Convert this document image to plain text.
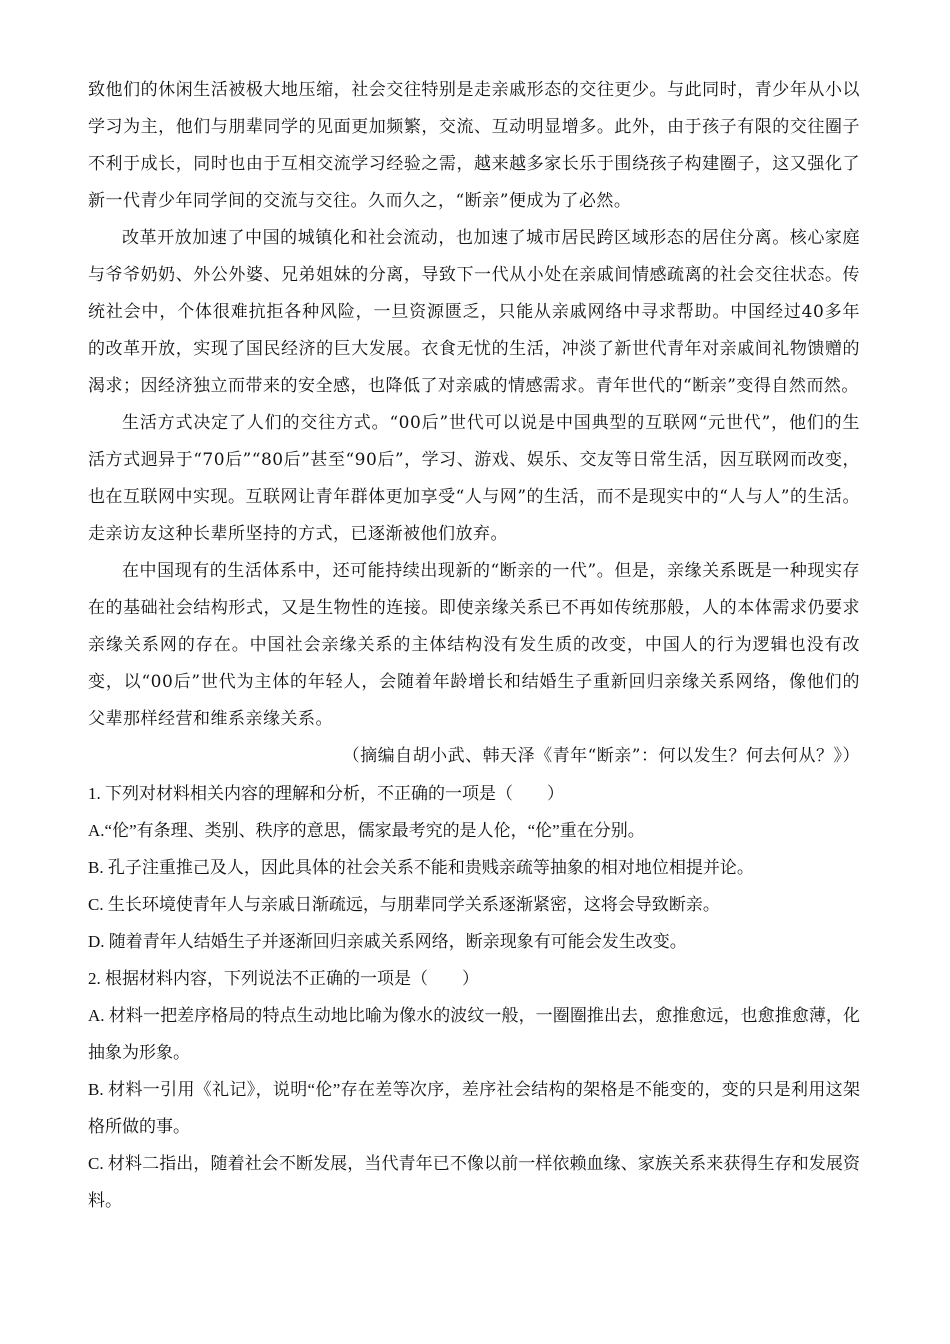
致他们的休闲生活被极大地压缩，社会交往特别是走亲戚形态的交往更少。与此同时，青少年从小以学习为主，他们与朋辈同学的见面更加频繁，交流、互动明显增多。此外，由于孩子有限的交往圈子不利于成长，同时也由于互相交流学习经验之需，越来越多家长乐于围绕孩子构建圈子，这又强化了新一代青少年同学间的交流与交往。久而久之，“断亲”便成为了必然。

改革开放加速了中国的城镇化和社会流动，也加速了城市居民跨区域形态的居住分离。核心家庭与爷爷奶奶、外公外婆、兄弟姐妹的分离，导致下一代从小处在亲戚间情感疏离的社会交往状态。传统社会中，个体很难抗拒各种风险，一旦资源匮乏，只能从亲戚网络中寻求帮助。中国经过40多年的改革开放，实现了国民经济的巨大发展。衣食无忧的生活，冲淡了新世代青年对亲戚间礼物馈赠的渴求；因经济独立而带来的安全感，也降低了对亲戚的情感需求。青年世代的“断亲”变得自然而然。

生活方式决定了人们的交往方式。“00后”世代可以说是中国典型的互联网“元世代”，他们的生活方式迥异于“70后”“80后”甚至“90后”，学习、游戏、娱乐、交友等日常生活，因互联网而改变，也在互联网中实现。互联网让青年群体更加享受“人与网”的生活，而不是现实中的“人与人”的生活。走亲访友这种长辈所坚持的方式，已逐渐被他们放弃。

在中国现有的生活体系中，还可能持续出现新的“断亲的一代”。但是，亲缘关系既是一种现实存在的基础社会结构形式，又是生物性的连接。即使亲缘关系已不再如传统那般，人的本体需求仍要求亲缘关系网的存在。中国社会亲缘关系的主体结构没有发生质的改变，中国人的行为逻辑也没有改变，以“00后”世代为主体的年轻人，会随着年龄增长和结婚生子重新回归亲缘关系网络，像他们的父辈那样经营和维系亲缘关系。

（摘编自胡小武、韩天泽《青年“断亲”：何以发生？何去何从？》）

1. 下列对材料相关内容的理解和分析，不正确的一项是（　　）

A.“伦”有条理、类别、秩序的意思，儒家最考究的是人伦，“伦”重在分别。

B. 孔子注重推己及人，因此具体的社会关系不能和贵贱亲疏等抽象的相对地位相提并论。

C. 生长环境使青年人与亲戚日渐疏远，与朋辈同学关系逐渐紧密，这将会导致断亲。

D. 随着青年人结婚生子并逐渐回归亲戚关系网络，断亲现象有可能会发生改变。

2. 根据材料内容，下列说法不正确的一项是（　　）

A. 材料一把差序格局的特点生动地比喻为像水的波纹一般，一圈圈推出去，愈推愈远，也愈推愈薄，化抽象为形象。

B. 材料一引用《礼记》，说明“伦”存在差等次序，差序社会结构的架格是不能变的，变的只是利用这架格所做的事。

C. 材料二指出，随着社会不断发展，当代青年已不像以前一样依赖血缘、家族关系来获得生存和发展资料。
